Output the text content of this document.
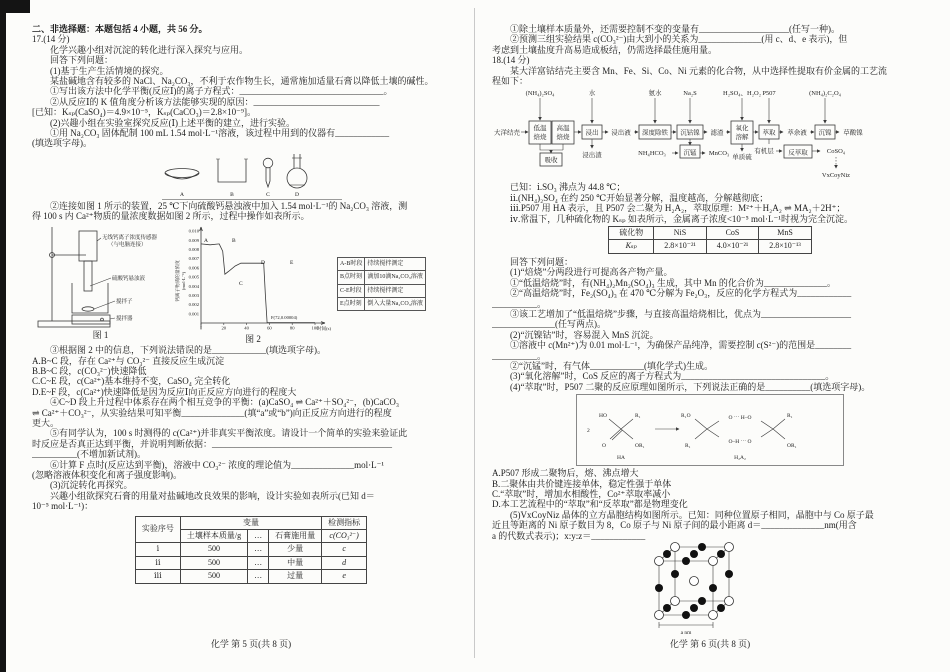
二、非选择题：本题包括 4 小题，共 56 分。
17.(14 分)
　　化学兴趣小组对沉淀的转化进行深入探究与应用。
　　回答下列问题：
　　(1)基于生产生活情境的探究。
　　某盐碱地含有较多的 NaCl、Na₂CO₃，不利于农作物生长，通常施加适量石膏以降低土壤的碱性。
　　①写出该方法中化学平衡(反应Ⅰ)的离子方程式：________________________________。
　　②从反应Ⅰ的 K 值角度分析该方法能够实现的原因：____________________________
[已知：Kₛₚ(CaSO₄)＝4.9×10⁻⁵，Kₛₚ(CaCO₃)＝2.8×10⁻⁹]。
　　(2)兴趣小组在实验室探究反应(Ⅰ)上述平衡的建立，进行实验。
　　①用 Na₂CO₃ 固体配制 100 mL 1.54 mol·L⁻¹溶液，该过程中用到的仪器有____________
(填选项字母)。
A	B	C	D
　　②连接如图 1 所示的装置，25 ℃下向硫酸钙悬浊液中加入 1.54 mol·L⁻¹的 Na₂CO₃ 溶液，测
得 100 s 内 Ca²⁺物质的量浓度数据如图 2 所示，过程中操作如表所示。
无线钙离子浓度传感器
（与电脑连接）
硫酸钙悬浊液
搅拌子
搅拌器
图 1
A	B
C
D	E
F(72,0.00004)
钙离子物质的量浓度 (mol·L⁻¹)
时间(s)
0.001
0.002
0.003
0.004
0.005
0.006
0.007
0.008
0.009
0.010
0	20	40	60	80	100
图 2
A-B时段	持续搅拌测定
B点时刻	滴加10滴Na₂CO₃溶液
C-E时段	持续搅拌测定
E点时刻	倒入大量Na₂CO₃溶液
　　③根据图 2 中的信息，下列说法错误的是____________(填选项字母)。
A.B~C 段，存在 Ca²⁺与 CO₃²⁻ 直接反应生成沉淀
B.B~C 段，c(CO₃²⁻)快速降低
C.C~E 段，c(Ca²⁺)基本维持不变，CaSO₄ 完全转化
D.E~F 段，c(Ca²⁺)快速降低是因为反应Ⅰ向正反应方向进行的程度大
　　④C~D 段上升过程中体系存在两个相互竞争的平衡：(a)CaSO₄ ⇌ Ca²⁺＋SO₄²⁻，(b)CaCO₃
⇌ Ca²⁺＋CO₃²⁻，从实验结果可知平衡______________(填“a”或“b”)向正反应方向进行的程度
更大。
　　⑤有同学认为，100 s 时测得的 c(Ca²⁺)并非真实平衡浓度。请设计一个简单的实验来验证此
时反应是否真正达到平衡，并说明判断依据：________________________________________
__________(不增加新试剂)。
　　⑥计算 F 点时(反应达到平衡)，溶液中 CO₃²⁻ 浓度的理论值为______________mol·L⁻¹
(忽略溶液体积变化和离子强度影响)。
　　(3)沉淀转化再探究。
　　兴趣小组欲探究石膏的用量对盐碱地改良效果的影响，设计实验如表所示(已知 d＝
10⁻⁵ mol·L⁻¹)：
实验序号	变量			检测指标
	土壤样本质量/g	…	石膏施用量	c(CO₃²⁻)
ⅰ	500	…	少量	c
ⅱ	500	…	中量	d
ⅲ	500	…	过量	e
　　①除土壤样本质量外，还需要控制不变的变量有____________________(任写一种)。
　　②预测三组实验结果 c(CO₃²⁻)由大到小的关系为______________(用 c、d、e 表示)，但
考虑到土壤盐度升高易造成板结，仍需选择最佳施用量。
18.(14 分)
　　某大洋富钴结壳主要含 Mn、Fe、Si、Co、Ni 元素的化合物，从中选择性提取有价金属的工艺流
程如下：
大洋结壳
(NH₄)₂SO₄
低温
焙烧
高温
焙烧
水
浸出 浸出液
氨水
深度除铁
Na₂S
沉钴镍 滤渣
H₂SO₄、H₂O₂
氧化
溶解
P507
萃取 萃余液
(NH₄)₂C₂O₄
沉镍 草酸镍
吸收
浸出渣	NH₄HCO₃	沉锰 MnCO₃
单质硫
有机层 反萃取	CoSO₄
VxCoyNiz
　　已知：ⅰ.SO₃ 沸点为 44.8 ℃；
　　ⅱ.(NH₄)₂SO₄ 在约 250 ℃开始显著分解，温度越高，分解越彻底；
　　ⅲ.P507 用 HA 表示，且 P507 会二聚为 H₂A₂，萃取原理：M²⁺＋H₂A₂ ⇌ MA₂＋2H⁺；
　　ⅳ.常温下，几种硫化物的 Kₛₚ 如表所示，金属离子浓度<10⁻⁵ mol·L⁻¹时视为完全沉淀。
硫化物	NiS	CoS	MnS
Kₛₚ	2.8×10⁻²¹	4.0×10⁻²¹	2.8×10⁻¹³
　　回答下列问题：
　　(1)“焙烧”分两段进行可提高各产物产量。
　　①“低温焙烧”时，有(NH₄)₂Mn₂(SO₄)₃ 生成，其中 Mn 的化合价为______________。
　　②“高温焙烧”时，Fe₂(SO₄)₃ 在 470 ℃分解为 Fe₂O₃，反应的化学方程式为____________
__________。
　　③该工艺增加了“低温焙烧”步骤，与直接高温焙烧相比，优点为____________________
______________(任写两点)。
　　(2)“沉镍钴”时，容易混入 MnS 沉淀。
　　①溶液中 c(Mn²⁺)为 0.01 mol·L⁻¹，为确保产品纯净，需要控制 c(S²⁻)的范围是________
__________。
　　②“沉锰”时，有气体____________(填化学式)生成。
　　(3)“氧化溶解”时，CoS 反应的离子方程式为________________________________。
　　(4)“萃取”时，P507 二聚的反应原理如图所示，下列说法正确的是__________(填选项字母)。
2
HO	R₁
O	OR₁
HA
R₁O
R₁
R₁
OR₁
O ⋯ H–O
O–H ⋯ O
H₂A₂
A.P507 形成二聚物后，熔、沸点增大
B.二聚体由共价键连接单体，稳定性强于单体
C.“萃取”时，增加水相酸性，Co²⁺萃取率减小
D.本工艺流程中的“萃取”和“反萃取”都是物理变化
　　(5)VxCoyNiz 晶体的立方晶胞结构如图所示。已知：同种位置原子相同，晶胞中与 Co 原子最
近且等距离的 Ni 原子数目为 8，Co 原子与 Ni 原子间的最小距离 d＝______________nm(用含
a 的代数式表示)；x:y:z＝____________
a nm
化学 第 5 页(共 8 页)	化学 第 6 页(共 8 页)
